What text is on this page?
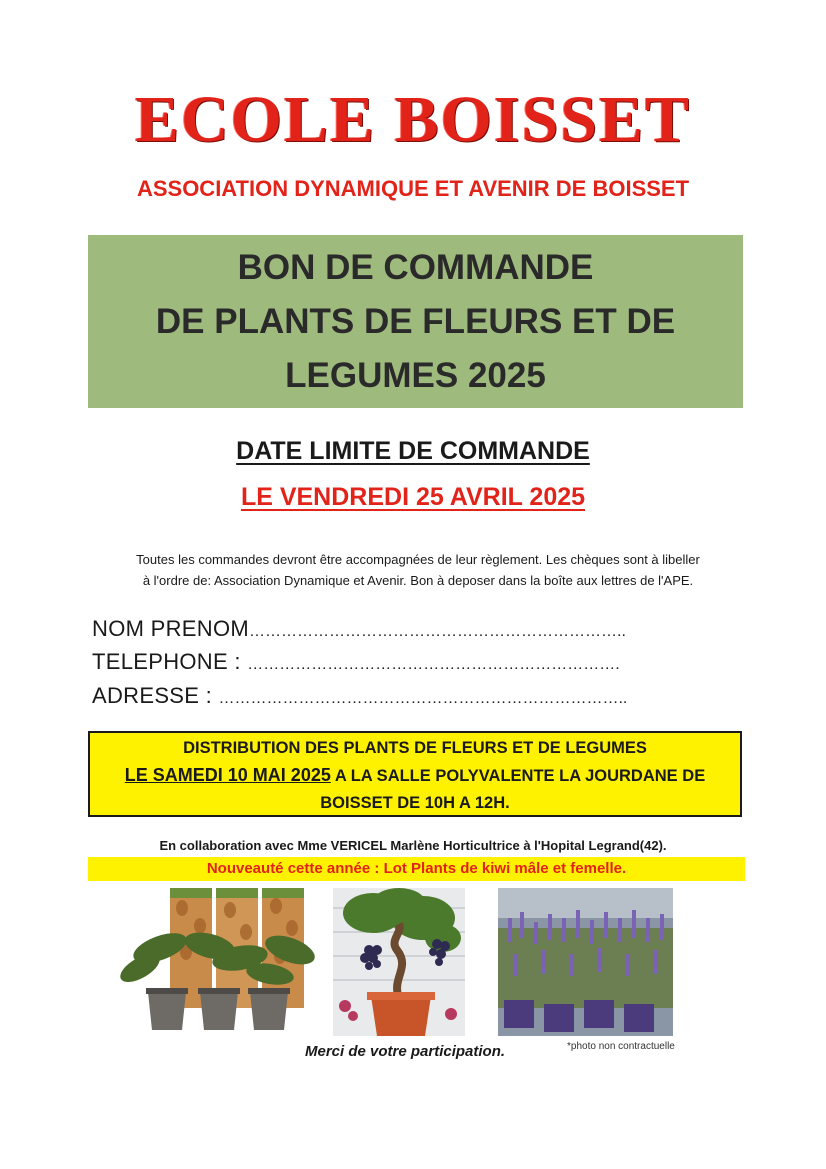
ECOLE BOISSET
ASSOCIATION DYNAMIQUE ET AVENIR DE BOISSET
BON DE COMMANDE
DE PLANTS DE FLEURS ET DE
LEGUMES 2025
DATE LIMITE DE COMMANDE
LE VENDREDI 25 AVRIL 2025
Toutes les commandes devront être accompagnées de leur règlement. Les chèques sont à libeller
à l'ordre de: Association Dynamique et Avenir. Bon à deposer dans la boîte aux lettres de l'APE.
NOM PRENOM……………………………………………………………..
TELEPHONE : …………………………………………………………….
ADRESSE : …………………………………………………………………..
DISTRIBUTION DES PLANTS DE FLEURS ET DE LEGUMES
LE SAMEDI 10 MAI 2025 A LA SALLE POLYVALENTE LA JOURDANE DE
BOISSET DE 10H A 12H.
En collaboration avec Mme VERICEL Marlène Horticultrice à l'Hopital Legrand(42).
Nouveauté cette année : Lot Plants de kiwi mâle et femelle.
Merci de votre participation.	*photo non contractuelle
